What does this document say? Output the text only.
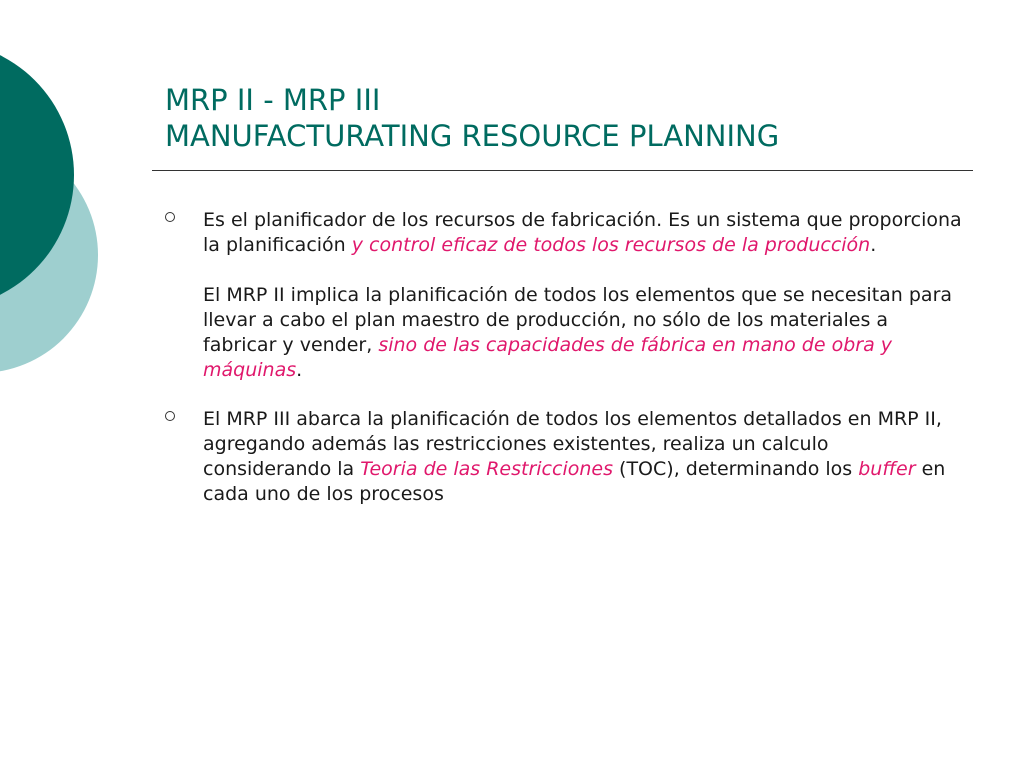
MRP II - MRP III
MANUFACTURATING RESOURCE PLANNING

Es el planificador de los recursos de fabricación. Es un sistema que proporciona la planificación y control eficaz de todos los recursos de la producción.

El MRP II implica la planificación de todos los elementos que se necesitan para llevar a cabo el plan maestro de producción, no sólo de los materiales a fabricar y vender, sino de las capacidades de fábrica en mano de obra y máquinas.

El MRP III abarca la planificación de todos los elementos detallados en MRP II, agregando además las restricciones existentes, realiza un calculo considerando la Teoria de las Restricciones (TOC), determinando los buffer en cada uno de los procesos
